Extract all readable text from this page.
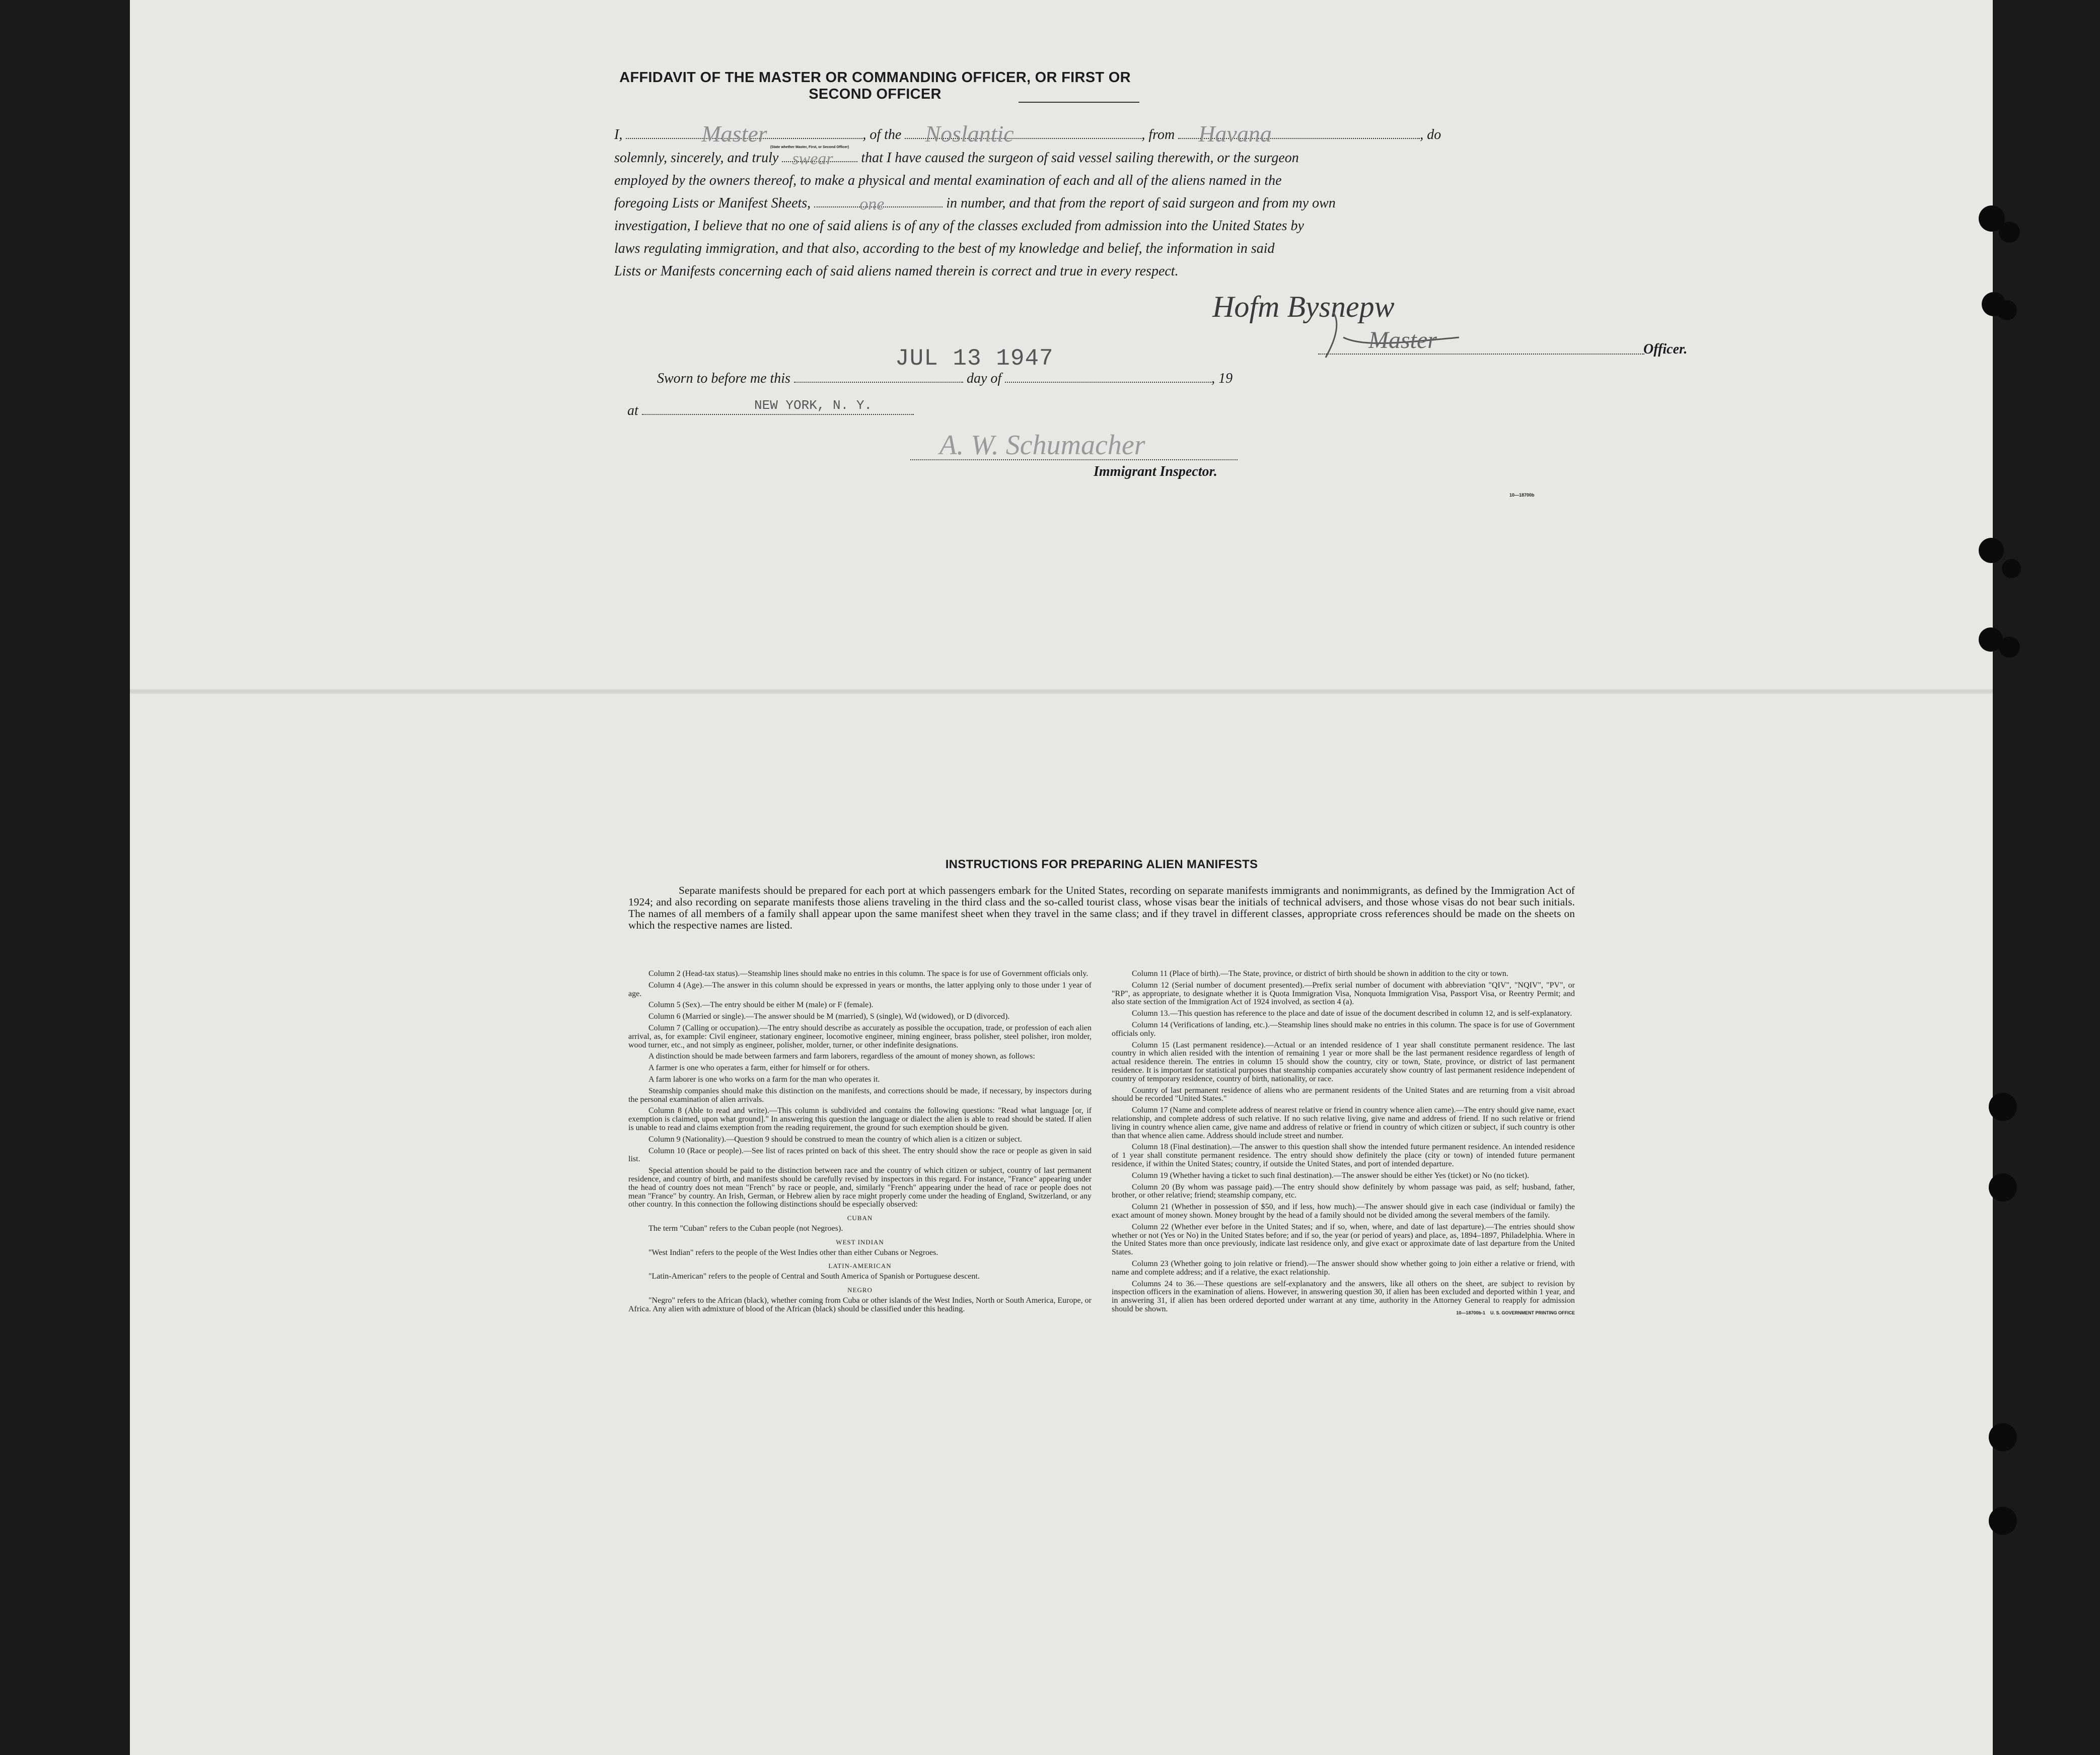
AFFIDAVIT OF THE MASTER OR COMMANDING OFFICER, OR FIRST OR SECOND OFFICER
I,	Master	, of the Noslantic	, from Havana	, do
(State whether Master, First, or Second Officer)
solemnly, sincerely, and truly swear that I have caused the surgeon of said vessel sailing therewith, or the surgeon
employed by the owners thereof, to make a physical and mental examination of each and all of the aliens named in the
foregoing Lists or Manifest Sheets,	one	in number, and that from the report of said surgeon and from my own
investigation, I believe that no one of said aliens is of any of the classes excluded from admission into the United States by
laws regulating immigration, and that also, according to the best of my knowledge and belief, the information in said
Lists or Manifests concerning each of said aliens named therein is correct and true in every respect.
Hofm Bysnepw
Master	Officer.
JUL 13 1947
Sworn to before me this	day of	, 19
at	NEW YORK, N. Y.
A. W. Schumacher
Immigrant Inspector.
10—18700b
INSTRUCTIONS FOR PREPARING ALIEN MANIFESTS
Separate manifests should be prepared for each port at which passengers embark for the United States, recording on separate manifests immigrants and nonimmigrants, as defined by the Immigration Act of 1924; and also recording on separate manifests those aliens traveling in the third class and the so-called tourist class, whose visas bear the initials of technical advisers, and those whose visas do not bear such initials. The names of all members of a family shall appear upon the same manifest sheet when they travel in the same class; and if they travel in different classes, appropriate cross references should be made on the sheets on which the respective names are listed.

Column 2 (Head-tax status).—Steamship lines should make no entries in this column. The space is for use of Government officials only.

Column 4 (Age).—The answer in this column should be expressed in years or months, the latter applying only to those under 1 year of age.

Column 5 (Sex).—The entry should be either M (male) or F (female).

Column 6 (Married or single).—The answer should be M (married), S (single), Wd (widowed), or D (divorced).

Column 7 (Calling or occupation).—The entry should describe as accurately as possible the occupation, trade, or profession of each alien arrival, as, for example: Civil engineer, stationary engineer, locomotive engineer, mining engineer, brass polisher, steel polisher, iron molder, wood turner, etc., and not simply as engineer, polisher, molder, turner, or other indefinite designations.

A distinction should be made between farmers and farm laborers, regardless of the amount of money shown, as follows:

A farmer is one who operates a farm, either for himself or for others.

A farm laborer is one who works on a farm for the man who operates it.

Steamship companies should make this distinction on the manifests, and corrections should be made, if necessary, by inspectors during the personal examination of alien arrivals.

Column 8 (Able to read and write).—This column is subdivided and contains the following questions: "Read what language [or, if exemption is claimed, upon what ground]." In answering this question the language or dialect the alien is able to read should be stated. If alien is unable to read and claims exemption from the reading requirement, the ground for such exemption should be given.

Column 9 (Nationality).—Question 9 should be construed to mean the country of which alien is a citizen or subject.

Column 10 (Race or people).—See list of races printed on back of this sheet. The entry should show the race or people as given in said list.

Special attention should be paid to the distinction between race and the country of which citizen or subject, country of last permanent residence, and country of birth, and manifests should be carefully revised by inspectors in this regard. For instance, "France" appearing under the head of country does not mean "French" by race or people, and, similarly "French" appearing under the head of race or people does not mean "France" by country. An Irish, German, or Hebrew alien by race might properly come under the heading of England, Switzerland, or any other country. In this connection the following distinctions should be especially observed:

CUBAN

The term "Cuban" refers to the Cuban people (not Negroes).

WEST INDIAN

"West Indian" refers to the people of the West Indies other than either Cubans or Negroes.

LATIN-AMERICAN

"Latin-American" refers to the people of Central and South America of Spanish or Portuguese descent.

NEGRO

"Negro" refers to the African (black), whether coming from Cuba or other islands of the West Indies, North or South America, Europe, or Africa. Any alien with admixture of blood of the African (black) should be classified under this heading.

Column 11 (Place of birth).—The State, province, or district of birth should be shown in addition to the city or town.

Column 12 (Serial number of document presented).—Prefix serial number of document with abbreviation "QIV", "NQIV", "PV", or "RP", as appropriate, to designate whether it is Quota Immigration Visa, Nonquota Immigration Visa, Passport Visa, or Reentry Permit; and also state section of the Immigration Act of 1924 involved, as section 4 (a).

Column 13.—This question has reference to the place and date of issue of the document described in column 12, and is self-explanatory.

Column 14 (Verifications of landing, etc.).—Steamship lines should make no entries in this column. The space is for use of Government officials only.

Column 15 (Last permanent residence).—Actual or an intended residence of 1 year shall constitute permanent residence. The last country in which alien resided with the intention of remaining 1 year or more shall be the last permanent residence regardless of length of actual residence therein. The entries in column 15 should show the country, city or town, State, province, or district of last permanent residence. It is important for statistical purposes that steamship companies accurately show country of last permanent residence independent of country of temporary residence, country of birth, nationality, or race.

Country of last permanent residence of aliens who are permanent residents of the United States and are returning from a visit abroad should be recorded "United States."

Column 17 (Name and complete address of nearest relative or friend in country whence alien came).—The entry should give name, exact relationship, and complete address of such relative. If no such relative living, give name and address of friend. If no such relative or friend living in country whence alien came, give name and address of relative or friend in country of which citizen or subject, if such country is other than that whence alien came. Address should include street and number.

Column 18 (Final destination).—The answer to this question shall show the intended future permanent residence. An intended residence of 1 year shall constitute permanent residence. The entry should show definitely the place (city or town) of intended future permanent residence, if within the United States; country, if outside the United States, and port of intended departure.

Column 19 (Whether having a ticket to such final destination).—The answer should be either Yes (ticket) or No (no ticket).

Column 20 (By whom was passage paid).—The entry should show definitely by whom passage was paid, as self; husband, father, brother, or other relative; friend; steamship company, etc.

Column 21 (Whether in possession of $50, and if less, how much).—The answer should give in each case (individual or family) the exact amount of money shown. Money brought by the head of a family should not be divided among the several members of the family.

Column 22 (Whether ever before in the United States; and if so, when, where, and date of last departure).—The entries should show whether or not (Yes or No) in the United States before; and if so, the year (or period of years) and place, as, 1894–1897, Philadelphia. Where in the United States more than once previously, indicate last residence only, and give exact or approximate date of last departure from the United States.

Column 23 (Whether going to join relative or friend).—The answer should show whether going to join either a relative or friend, with name and complete address; and if a relative, the exact relationship.

Columns 24 to 36.—These questions are self-explanatory and the answers, like all others on the sheet, are subject to revision by inspection officers in the examination of aliens. However, in answering question 30, if alien has been excluded and deported within 1 year, and in answering 31, if alien has been ordered deported under warrant at any time, authority in the Attorney General to reapply for admission should be shown.	10—18700b-1 U. S. GOVERNMENT PRINTING OFFICE
